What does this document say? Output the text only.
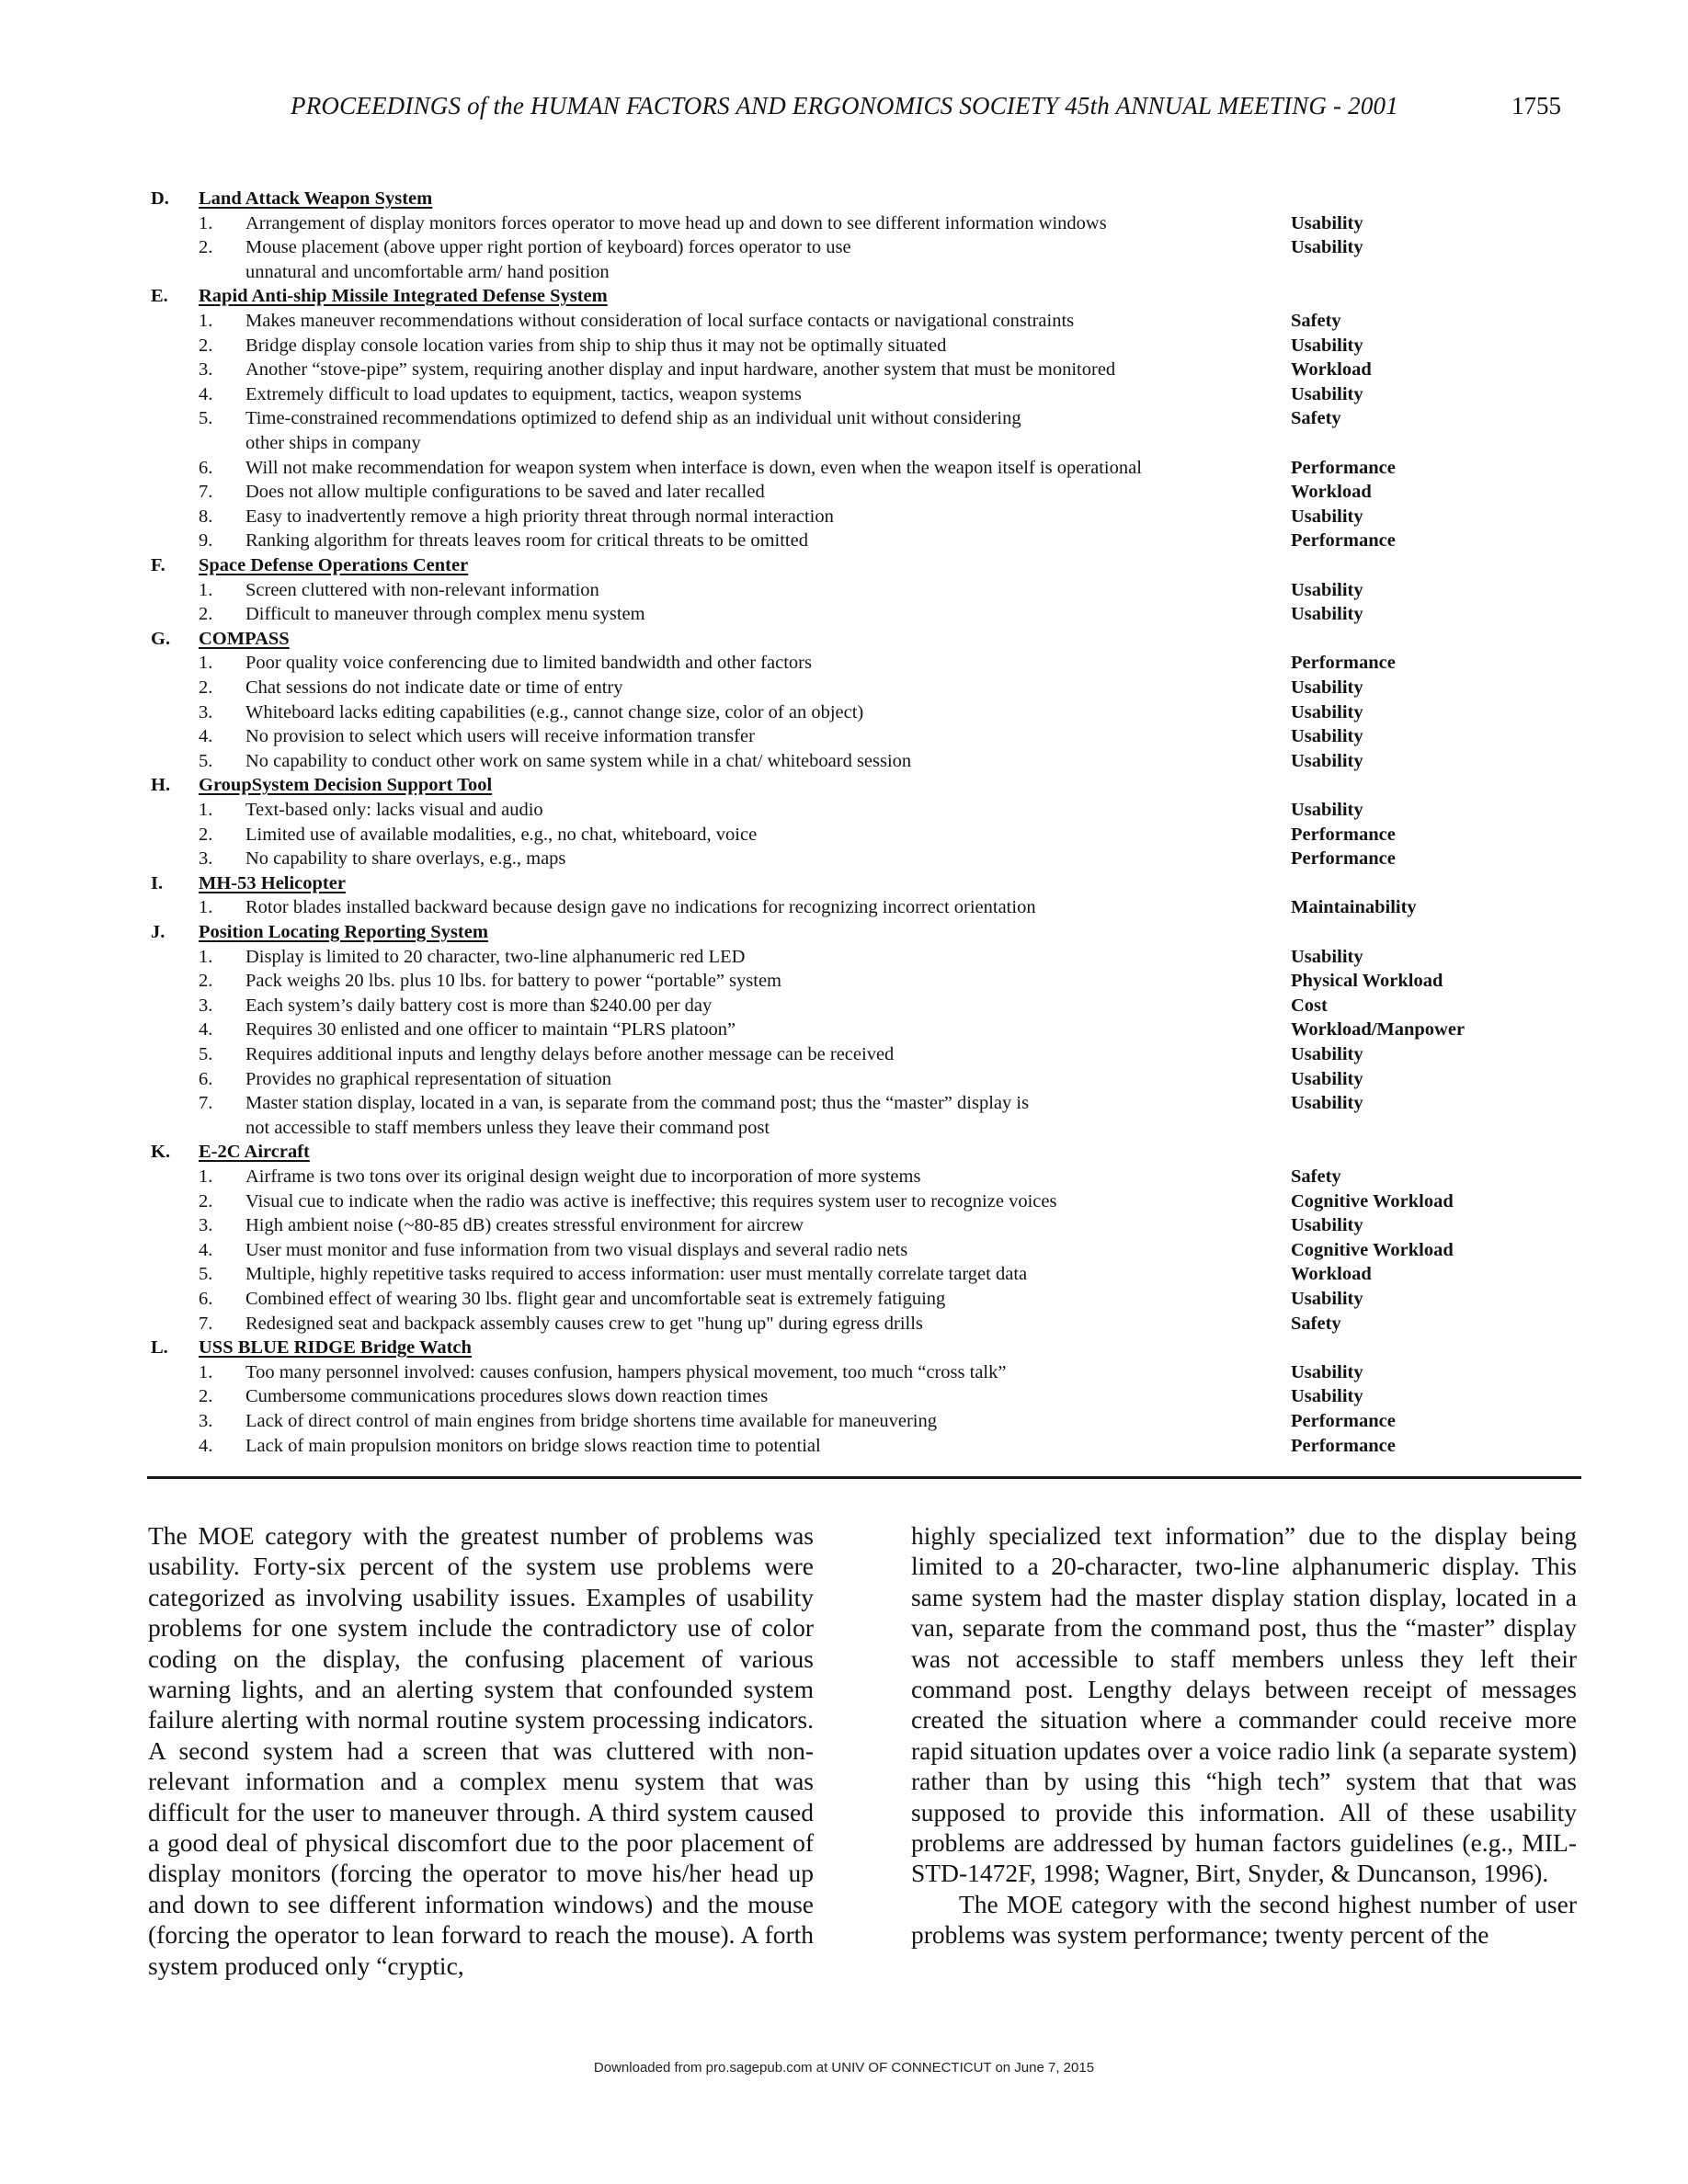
PROCEEDINGS of the HUMAN FACTORS AND ERGONOMICS SOCIETY 45th ANNUAL MEETING - 2001	1755
D. Land Attack Weapon System
1. Arrangement of display monitors forces operator to move head up and down to see different information windows	Usability
2. Mouse placement (above upper right portion of keyboard) forces operator to use	Usability
unnatural and uncomfortable arm/ hand position
E. Rapid Anti-ship Missile Integrated Defense System
1. Makes maneuver recommendations without consideration of local surface contacts or navigational constraints	Safety
2. Bridge display console location varies from ship to ship thus it may not be optimally situated	Usability
3. Another “stove-pipe” system, requiring another display and input hardware, another system that must be monitored	Workload
4. Extremely difficult to load updates to equipment, tactics, weapon systems	Usability
5. Time-constrained recommendations optimized to defend ship as an individual unit without considering	Safety
other ships in company
6. Will not make recommendation for weapon system when interface is down, even when the weapon itself is operational	Performance
7. Does not allow multiple configurations to be saved and later recalled	Workload
8. Easy to inadvertently remove a high priority threat through normal interaction	Usability
9. Ranking algorithm for threats leaves room for critical threats to be omitted	Performance
F. Space Defense Operations Center
1. Screen cluttered with non-relevant information	Usability
2. Difficult to maneuver through complex menu system	Usability
G. COMPASS
1. Poor quality voice conferencing due to limited bandwidth and other factors	Performance
2. Chat sessions do not indicate date or time of entry	Usability
3. Whiteboard lacks editing capabilities (e.g., cannot change size, color of an object)	Usability
4. No provision to select which users will receive information transfer	Usability
5. No capability to conduct other work on same system while in a chat/ whiteboard session	Usability
H. GroupSystem Decision Support Tool
1. Text-based only: lacks visual and audio	Usability
2. Limited use of available modalities, e.g., no chat, whiteboard, voice	Performance
3. No capability to share overlays, e.g., maps	Performance
I. MH-53 Helicopter
1. Rotor blades installed backward because design gave no indications for recognizing incorrect orientation	Maintainability
J. Position Locating Reporting System
1. Display is limited to 20 character, two-line alphanumeric red LED	Usability
2. Pack weighs 20 lbs. plus 10 lbs. for battery to power “portable” system	Physical Workload
3. Each system’s daily battery cost is more than $240.00 per day	Cost
4. Requires 30 enlisted and one officer to maintain “PLRS platoon”	Workload/Manpower
5. Requires additional inputs and lengthy delays before another message can be received	Usability
6. Provides no graphical representation of situation	Usability
7. Master station display, located in a van, is separate from the command post; thus the “master” display is	Usability
not accessible to staff members unless they leave their command post
K. E-2C Aircraft
1. Airframe is two tons over its original design weight due to incorporation of more systems	Safety
2. Visual cue to indicate when the radio was active is ineffective; this requires system user to recognize voices	Cognitive Workload
3. High ambient noise (~80-85 dB) creates stressful environment for aircrew	Usability
4. User must monitor and fuse information from two visual displays and several radio nets	Cognitive Workload
5. Multiple, highly repetitive tasks required to access information: user must mentally correlate target data	Workload
6. Combined effect of wearing 30 lbs. flight gear and uncomfortable seat is extremely fatiguing	Usability
7. Redesigned seat and backpack assembly causes crew to get "hung up" during egress drills	Safety
L. USS BLUE RIDGE Bridge Watch
1. Too many personnel involved: causes confusion, hampers physical movement, too much “cross talk”	Usability
2. Cumbersome communications procedures slows down reaction times	Usability
3. Lack of direct control of main engines from bridge shortens time available for maneuvering	Performance
4. Lack of main propulsion monitors on bridge slows reaction time to potential	Performance

The MOE category with the greatest number of problems was usability. Forty-six percent of the system use problems were categorized as involving usability issues. Examples of usability problems for one system include the contradictory use of color coding on the display, the confusing placement of various warning lights, and an alerting system that confounded system failure alerting with normal routine system processing indicators. A second system had a screen that was cluttered with non-relevant information and a complex menu system that was difficult for the user to maneuver through. A third system caused a good deal of physical discomfort due to the poor placement of display monitors (forcing the operator to move his/her head up and down to see different information windows) and the mouse (forcing the operator to lean forward to reach the mouse). A forth system produced only “cryptic,

highly specialized text information” due to the display being limited to a 20-character, two-line alphanumeric display. This same system had the master display station display, located in a van, separate from the command post, thus the “master” display was not accessible to staff members unless they left their command post. Lengthy delays between receipt of messages created the situation where a commander could receive more rapid situation updates over a voice radio link (a separate system) rather than by using this “high tech” system that that was supposed to provide this information. All of these usability problems are addressed by human factors guidelines (e.g., MIL-STD-1472F, 1998; Wagner, Birt, Snyder, & Duncanson, 1996).

The MOE category with the second highest number of user problems was system performance; twenty percent of the

Downloaded from pro.sagepub.com at UNIV OF CONNECTICUT on June 7, 2015
